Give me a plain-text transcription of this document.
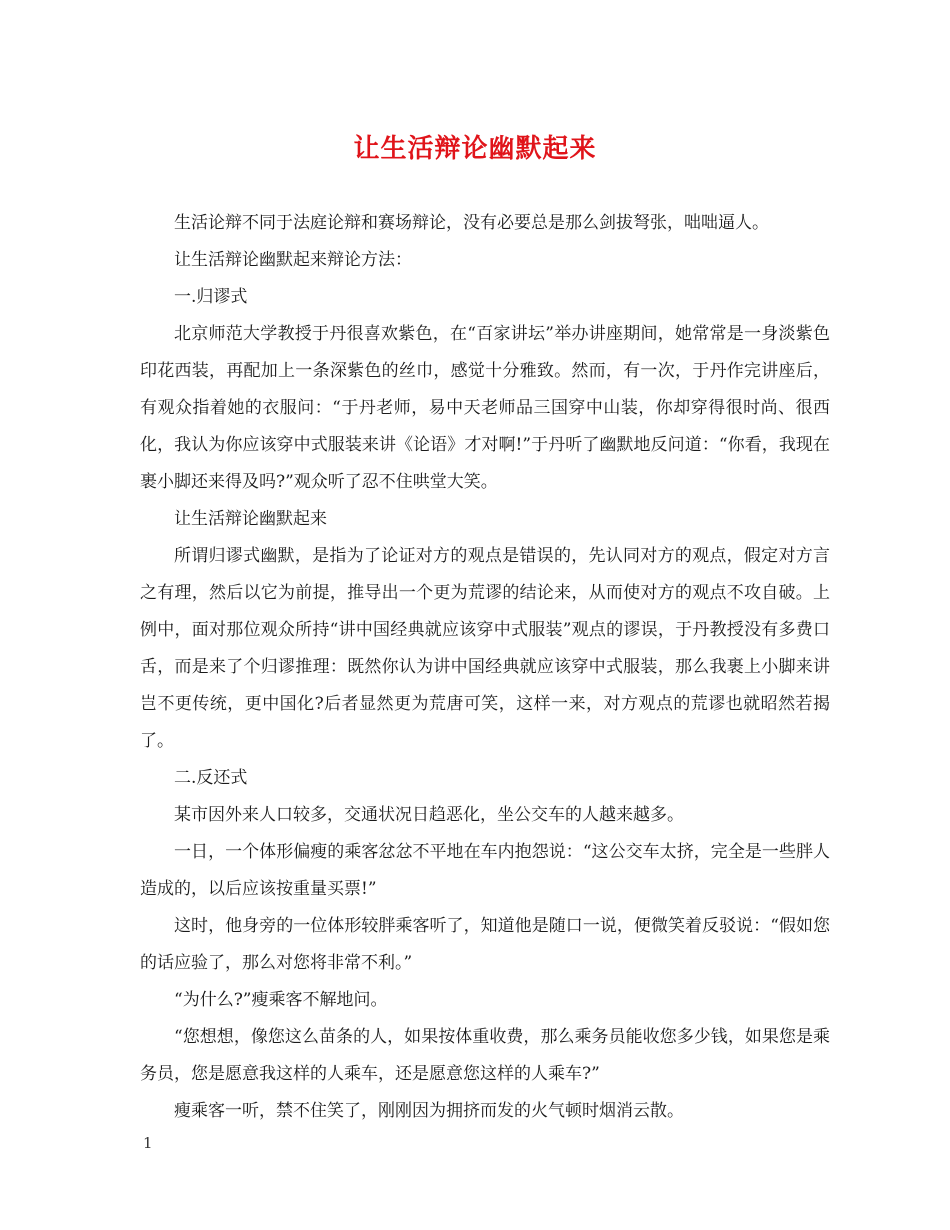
让生活辩论幽默起来

生活论辩不同于法庭论辩和赛场辩论，没有必要总是那么剑拔弩张，咄咄逼人。

让生活辩论幽默起来辩论方法：

一.归谬式

北京师范大学教授于丹很喜欢紫色，在“百家讲坛”举办讲座期间，她常常是一身淡紫色印花西装，再配加上一条深紫色的丝巾，感觉十分雅致。然而，有一次，于丹作完讲座后，有观众指着她的衣服问：“于丹老师，易中天老师品三国穿中山装，你却穿得很时尚、很西化，我认为你应该穿中式服装来讲《论语》才对啊!”于丹听了幽默地反问道：“你看，我现在裹小脚还来得及吗?”观众听了忍不住哄堂大笑。

让生活辩论幽默起来

所谓归谬式幽默，是指为了论证对方的观点是错误的，先认同对方的观点，假定对方言之有理，然后以它为前提，推导出一个更为荒谬的结论来，从而使对方的观点不攻自破。上例中，面对那位观众所持“讲中国经典就应该穿中式服装”观点的谬误，于丹教授没有多费口舌，而是来了个归谬推理：既然你认为讲中国经典就应该穿中式服装，那么我裹上小脚来讲岂不更传统，更中国化?后者显然更为荒唐可笑，这样一来，对方观点的荒谬也就昭然若揭了。

二.反还式

某市因外来人口较多，交通状况日趋恶化，坐公交车的人越来越多。

一日，一个体形偏瘦的乘客忿忿不平地在车内抱怨说：“这公交车太挤，完全是一些胖人造成的，以后应该按重量买票!”

这时，他身旁的一位体形较胖乘客听了，知道他是随口一说，便微笑着反驳说：“假如您的话应验了，那么对您将非常不利。”

“为什么?”瘦乘客不解地问。

“您想想，像您这么苗条的人，如果按体重收费，那么乘务员能收您多少钱，如果您是乘务员，您是愿意我这样的人乘车，还是愿意您这样的人乘车?”

瘦乘客一听，禁不住笑了，刚刚因为拥挤而发的火气顿时烟消云散。

1
